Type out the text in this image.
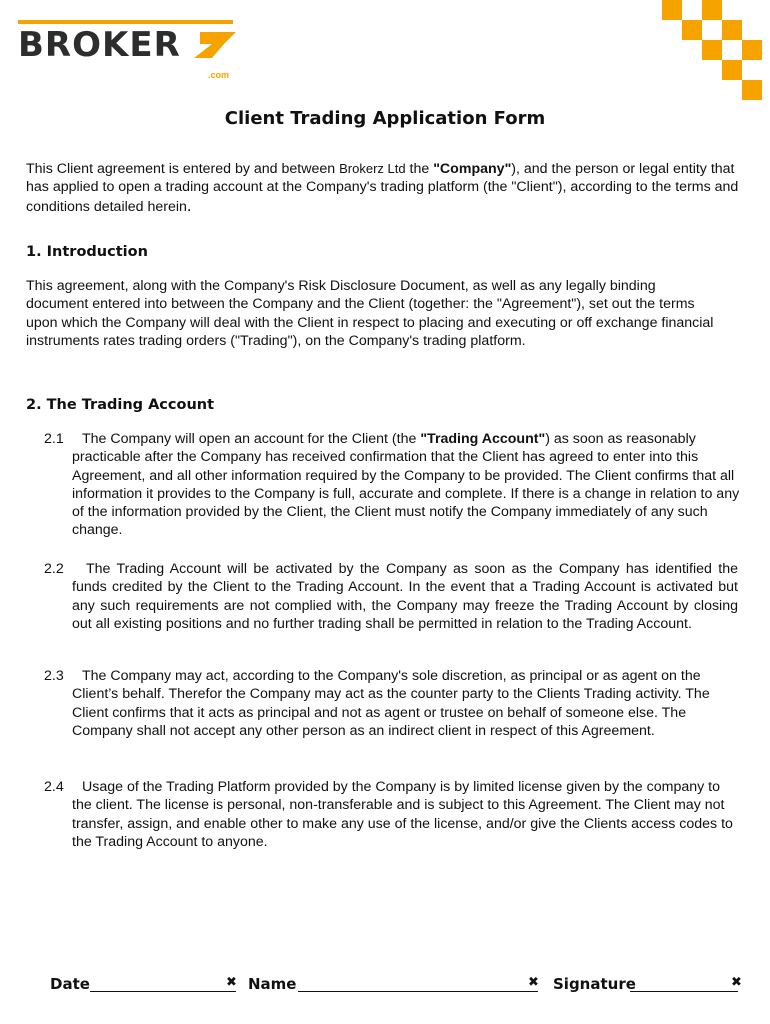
BROKER
.com
Client Trading Application Form

This Client agreement is entered by and between Brokerz Ltd the "Company"), and the person or legal entity that has applied to open a trading account at the Company's trading platform (the "Client"), according to the terms and conditions detailed herein.

1. Introduction

This agreement, along with the Company's Risk Disclosure Document, as well as any legally binding document entered into between the Company and the Client (together: the "Agreement"), set out the terms upon which the Company will deal with the Client in respect to placing and executing or off exchange financial instruments rates trading orders ("Trading"), on the Company's trading platform.

2. The Trading Account
2.1	The Company will open an account for the Client (the "Trading Account") as soon as reasonably practicable after the Company has received confirmation that the Client has agreed to enter into this Agreement, and all other information required by the Company to be provided. The Client confirms that all information it provides to the Company is full, accurate and complete. If there is a change in relation to any of the information provided by the Client, the Client must notify the Company immediately of any such change.

2.2	The Trading Account will be activated by the Company as soon as the Company has identified the funds credited by the Client to the Trading Account. In the event that a Trading Account is activated but any such requirements are not complied with, the Company may freeze the Trading Account by closing out all existing positions and no further trading shall be permitted in relation to the Trading Account.

2.3	The Company may act, according to the Company's sole discretion, as principal or as agent on the Client’s behalf. Therefor the Company may act as the counter party to the Clients Trading activity. The Client confirms that it acts as principal and not as agent or trustee on behalf of someone else. The Company shall not accept any other person as an indirect client in respect of this Agreement.

2.4	Usage of the Trading Platform provided by the Company is by limited license given by the company to the client. The license is personal, non-transferable and is subject to this Agreement. The Client may not transfer, assign, and enable other to make any use of the license, and/or give the Clients access codes to the Trading Account to anyone.

Date	✖ Name	✖ Signature	✖
